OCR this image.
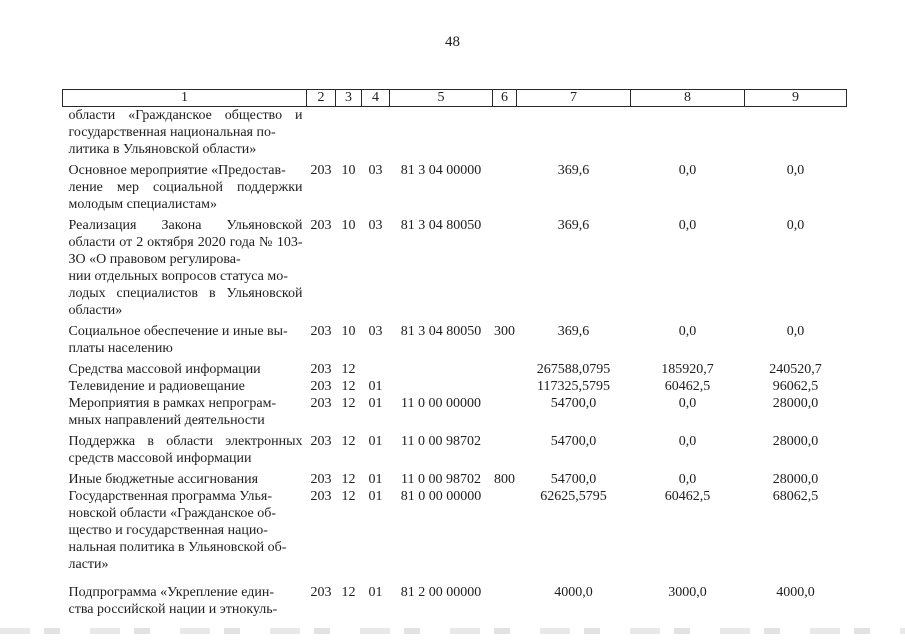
48
1	2	3	4	5	6	7	8	9
области «Гражданское общество и государственная национальная по-
литика в Ульяновской области»								
Основное мероприятие «Предостав-
ление мер социальной поддержки молодым специалистам»	203	10	03	81 3 04 00000		369,6	0,0	0,0
Реализация Закона Ульяновской области от 2 октября 2020 года № 103-ЗО «О правовом регулирова-
нии отдельных вопросов статуса мо-
лодых специалистов в Ульяновской области»	203	10	03	81 3 04 80050		369,6	0,0	0,0
Социальное обеспечение и иные вы-
платы населению	203	10	03	81 3 04 80050	300	369,6	0,0	0,0
Средства массовой информации	203	12				267588,0795	185920,7	240520,7
Телевидение и радиовещание	203	12	01			117325,5795	60462,5	96062,5
Мероприятия в рамках непрограм-
мных направлений деятельности	203	12	01	11 0 00 00000		54700,0	0,0	28000,0
Поддержка в области электронных средств массовой информации	203	12	01	11 0 00 98702		54700,0	0,0	28000,0
Иные бюджетные ассигнования	203	12	01	11 0 00 98702	800	54700,0	0,0	28000,0
Государственная программа Улья-
новской области «Гражданское об-
щество и государственная нацио-
нальная политика в Ульяновской об-
ласти»	203	12	01	81 0 00 00000		62625,5795	60462,5	68062,5
Подпрограмма «Укрепление един-
ства российской нации и этнокуль-	203	12	01	81 2 00 00000		4000,0	3000,0	4000,0
